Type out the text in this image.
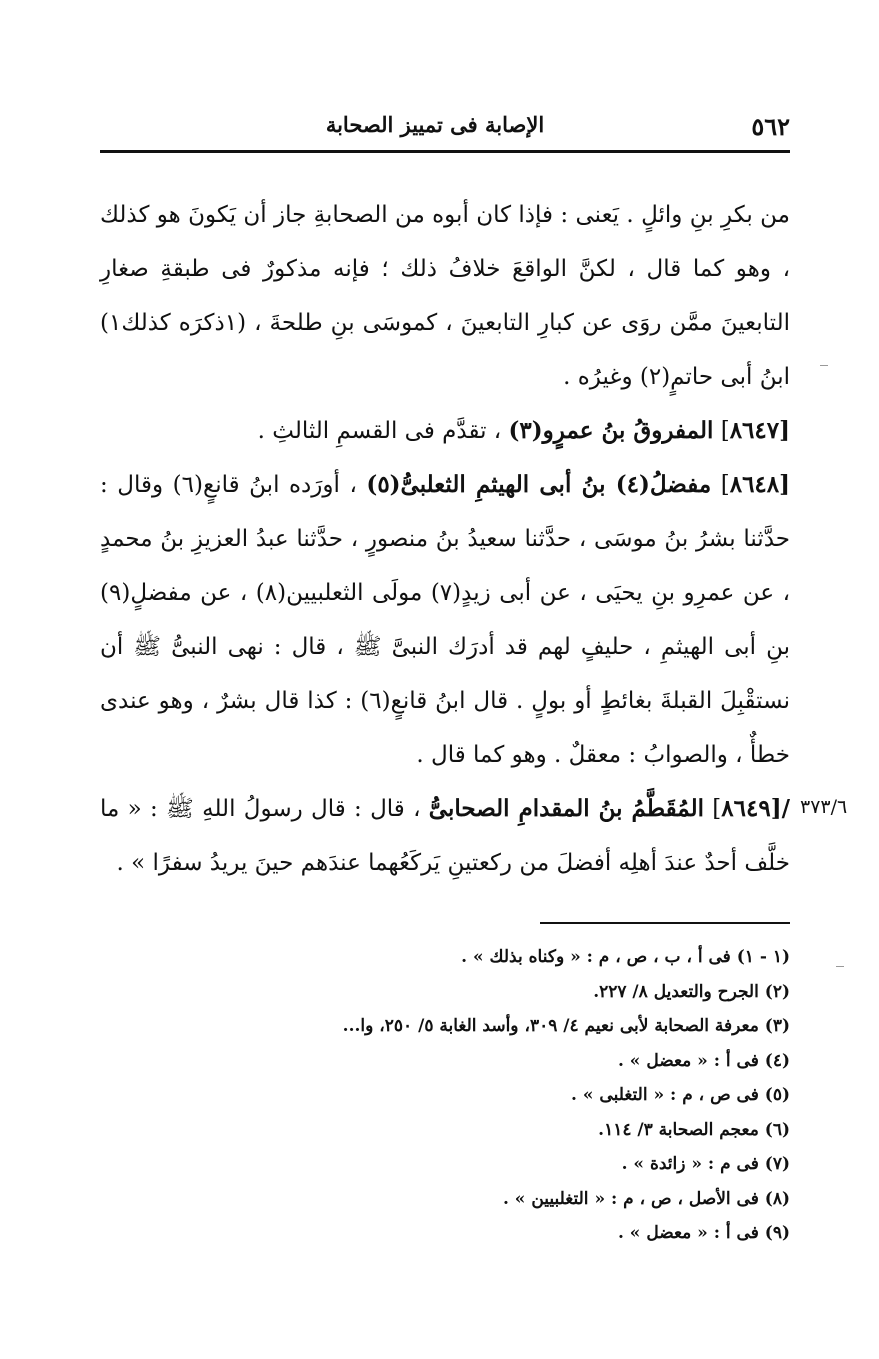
٥٦٢
الإصابة فى تمييز الصحابة

من بكرِ بنِ وائلٍ . يَعنى : فإذا كان أبوه من الصحابةِ جاز أن يَكونَ هو كذلك ، وهو كما قال ، لكنَّ الواقعَ خلافُ ذلك ؛ فإنه مذكورٌ فى طبقةِ صغارِ التابعينَ ممَّن روَى عن كبارِ التابعينَ ، كموسَى بنِ طلحةَ ، (١ذكرَه كذلك١) ابنُ أبى حاتمٍ(٢) وغيرُه .

[٨٦٤٧] المفروقُ بنُ عمرٍو(٣) ، تقدَّم فى القسمِ الثالثِ .

[٨٦٤٨] مفضلُ(٤) بنُ أبى الهيثمِ الثعلبىُّ(٥) ، أورَده ابنُ قانعٍ(٦) وقال : حدَّثنا بشرُ بنُ موسَى ، حدَّثنا سعيدُ بنُ منصورٍ ، حدَّثنا عبدُ العزيزِ بنُ محمدٍ ، عن عمرِو بنِ يحيَى ، عن أبى زيدٍ(٧) مولَى الثعلبيين(٨) ، عن مفضلٍ(٩) بنِ أبى الهيثمِ ، حليفٍ لهم قد أدرَك النبىَّ ﷺ ، قال : نهى النبىُّ ﷺ أن نستقْبِلَ القبلةَ بغائطٍ أو بولٍ . قال ابنُ قانعٍ(٦) : كذا قال بشرٌ ، وهو عندى خطأٌ ، والصوابُ : معقلٌ . وهو كما قال .

/[٨٦٤٩] المُقَطَّمُ بنُ المقدامِ الصحابىُّ ، قال : قال رسولُ اللهِ ﷺ : « ما خلَّف أحدٌ عندَ أهلِه أفضلَ من ركعتينِ يَركَعُهما عندَهم حينَ يريدُ سفرًا » .

٣٧٣/٦
(١ - ١) فى أ ، ب ، ص ، م : « وكناه بذلك » .
(٢) الجرح والتعديل ٨/ ٢٢٧.
(٣) معرفة الصحابة لأبى نعيم ٤/ ٣٠٩، وأسد الغابة ٥/ ٢٥٠، وا...
(٤) فى أ : « معضل » .
(٥) فى ص ، م : « التغلبى » .
(٦) معجم الصحابة ٣/ ١١٤.
(٧) فى م : « زائدة » .
(٨) فى الأصل ، ص ، م : « التغلبيين » .
(٩) فى أ : « معضل » .
